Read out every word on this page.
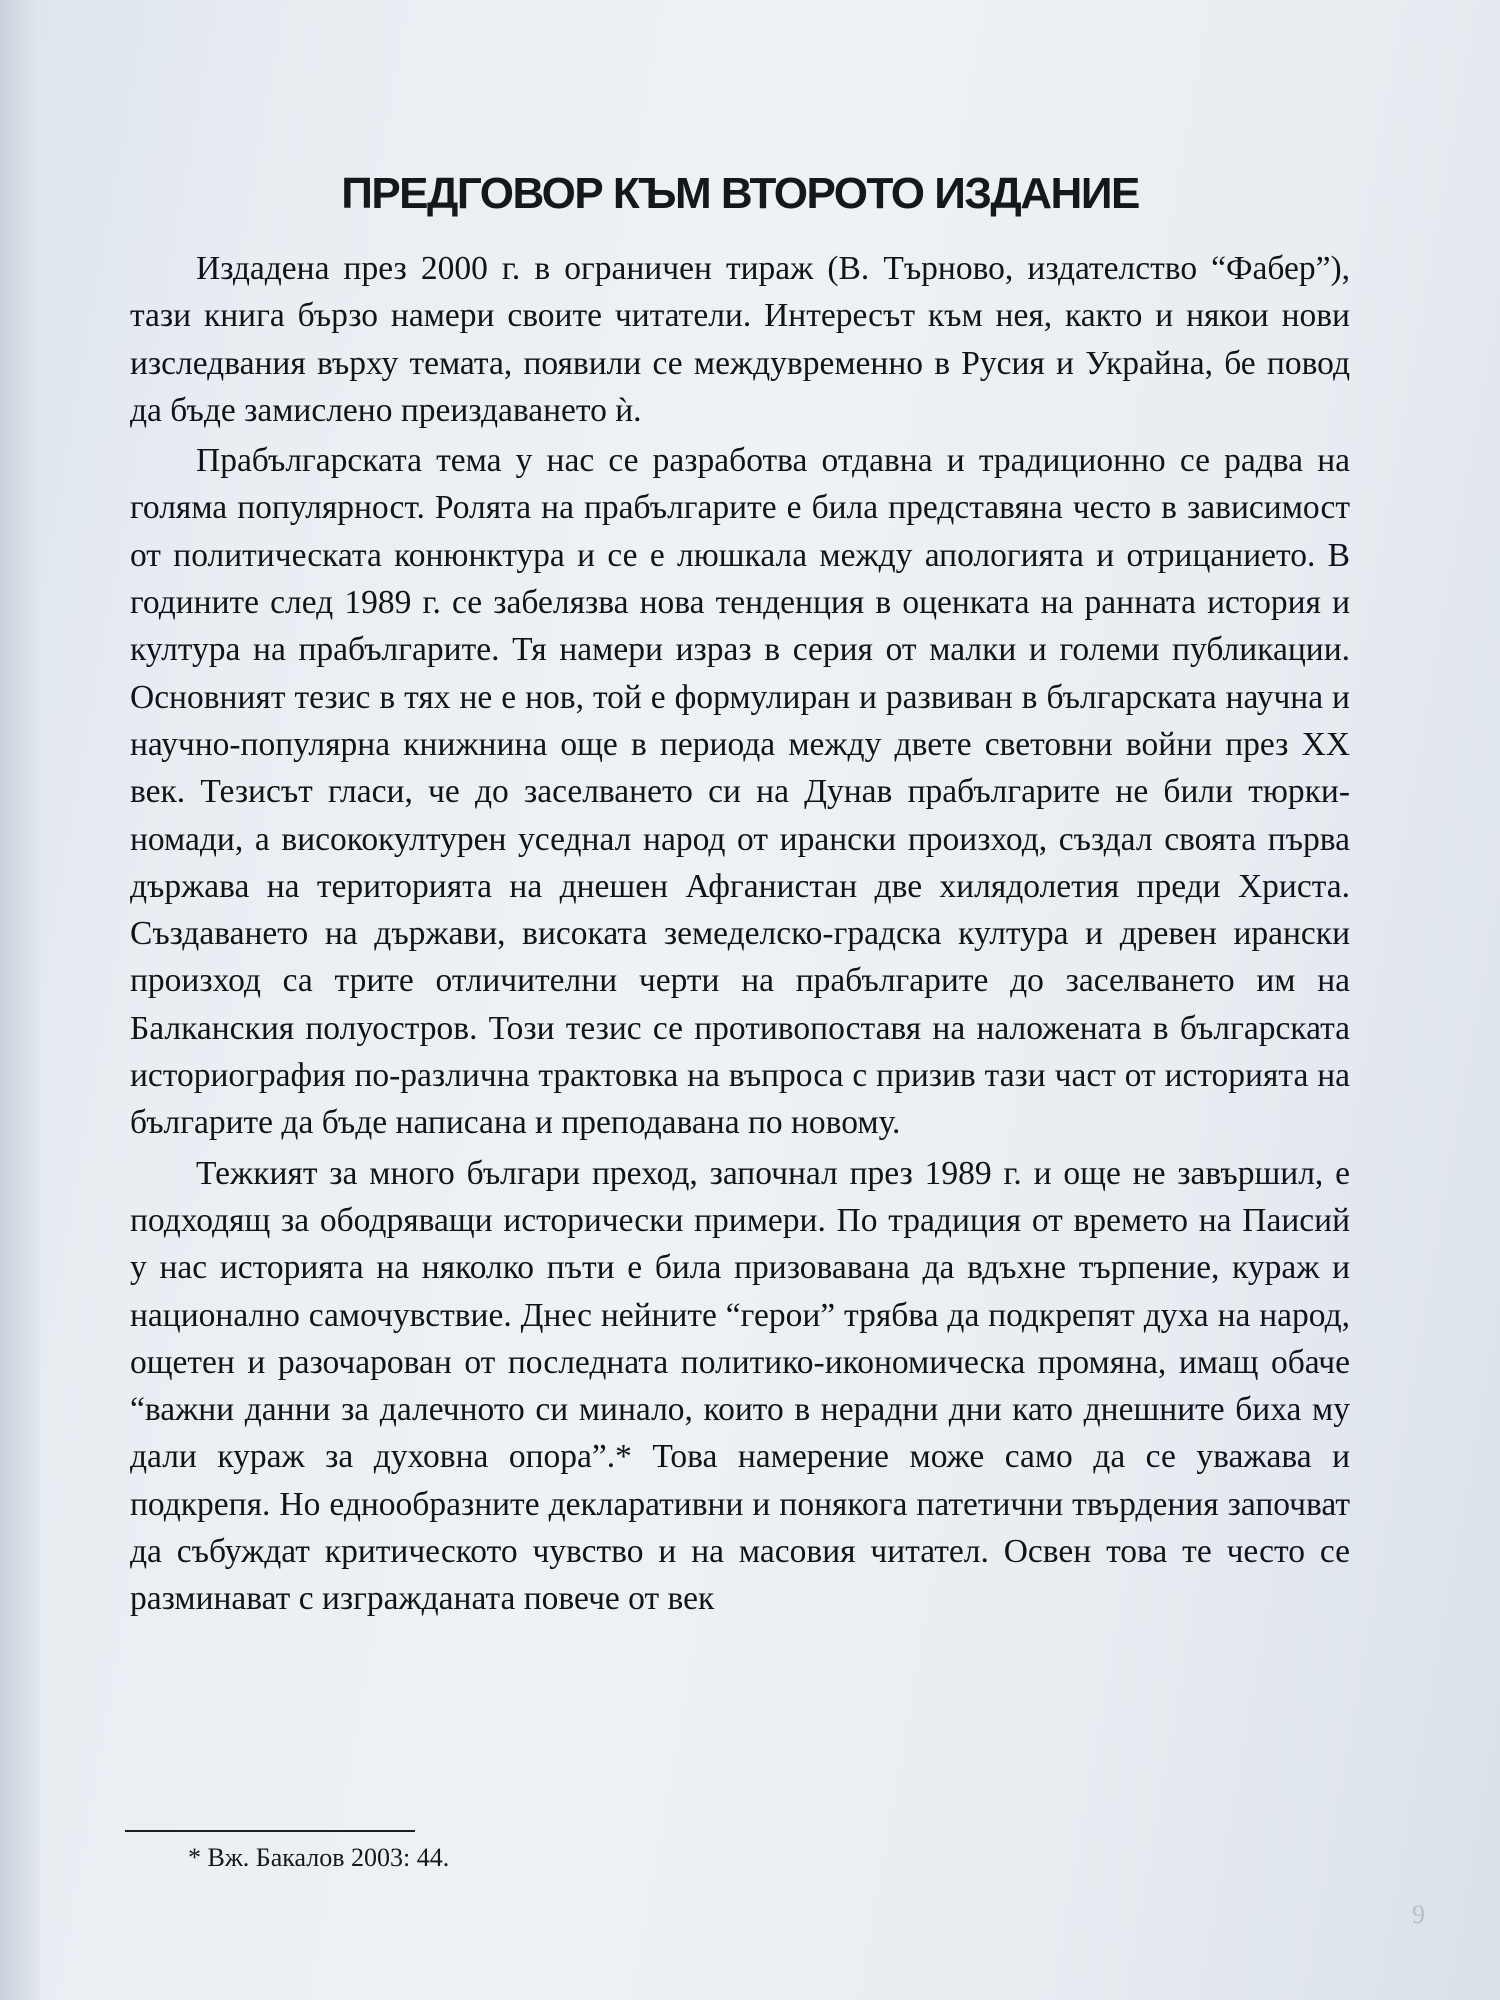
ПРЕДГОВОР КЪМ ВТОРОТО ИЗДАНИЕ

Издадена през 2000 г. в ограничен тираж (В. Търново, издателство “Фабер”), тази книга бързо намери своите читатели. Интересът към нея, както и някои нови изследвания върху темата, появили се междувременно в Русия и Украйна, бе повод да бъде замислено преиздаването ѝ.

Прабългарската тема у нас се разработва отдавна и традиционно се радва на голяма популярност. Ролята на прабългарите е била представяна често в зависимост от политическата конюнктура и се е люшкала между апологията и отрицанието. В годините след 1989 г. се забелязва нова тенденция в оценката на ранната история и култура на прабългарите. Тя намери израз в серия от малки и големи публикации. Основният тезис в тях не е нов, той е формулиран и развиван в българската научна и научно-популярна книжнина още в периода между двете световни войни през XX век. Тезисът гласи, че до заселването си на Дунав прабългарите не били тюрки-номади, а висококултурен уседнал народ от ирански произход, създал своята първа държава на територията на днешен Афганистан две хилядолетия преди Христа. Създаването на държави, високата земеделско-градска култура и древен ирански произход са трите отличителни черти на прабългарите до заселването им на Балканския полуостров. Този тезис се противопоставя на наложената в българската историография по-различна трактовка на въпроса с призив тази част от историята на българите да бъде написана и преподавана по новому.

Тежкият за много българи преход, започнал през 1989 г. и още не завършил, е подходящ за ободряващи исторически примери. По традиция от времето на Паисий у нас историята на няколко пъти е била призовавана да вдъхне търпение, кураж и национално самочувствие. Днес нейните “герои” трябва да подкрепят духа на народ, ощетен и разочарован от последната политико-икономическа промяна, имащ обаче “важни данни за далечното си минало, които в нерадни дни като днешните биха му дали кураж за духовна опора”.* Това намерение може само да се уважава и подкрепя. Но еднообразните декларативни и понякога патетични твърдения започват да събуждат критическото чувство и на масовия читател. Освен това те често се разминават с изгражданата повече от век

* Вж. Бакалов 2003: 44.
9
